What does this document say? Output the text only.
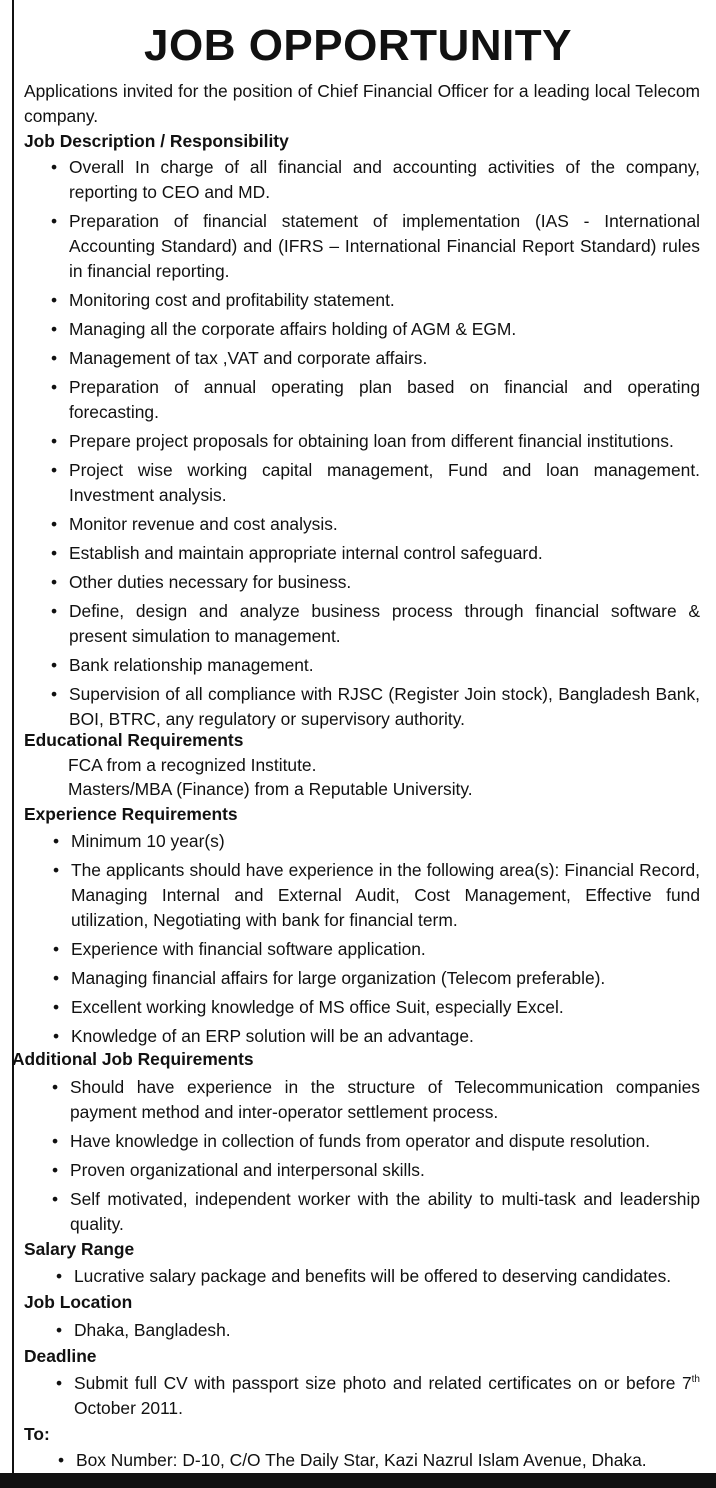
JOB OPPORTUNITY
Applications invited for the position of Chief Financial Officer for a leading local Telecom company.
Job Description / Responsibility
• Overall In charge of all financial and accounting activities of the company, reporting to CEO and MD.
• Preparation of financial statement of implementation (IAS - International Accounting Standard) and (IFRS – International Financial Report Standard) rules in financial reporting.
• Monitoring cost and profitability statement.
• Managing all the corporate affairs holding of AGM & EGM.
• Management of tax ,VAT and corporate affairs.
• Preparation of annual operating plan based on financial and operating forecasting.
• Prepare project proposals for obtaining loan from different financial institutions.
• Project wise working capital management, Fund and loan management. Investment analysis.
• Monitor revenue and cost analysis.
• Establish and maintain appropriate internal control safeguard.
• Other duties necessary for business.
• Define, design and analyze business process through financial software & present simulation to management.
• Bank relationship management.
• Supervision of all compliance with RJSC (Register Join stock), Bangladesh Bank, BOI, BTRC, any regulatory or supervisory authority.
Educational Requirements
FCA from a recognized Institute.
Masters/MBA (Finance) from a Reputable University.
Experience Requirements
• Minimum 10 year(s)
• The applicants should have experience in the following area(s): Financial Record, Managing Internal and External Audit, Cost Management, Effective fund utilization, Negotiating with bank for financial term.
• Experience with financial software application.
• Managing financial affairs for large organization (Telecom preferable).
• Excellent working knowledge of MS office Suit, especially Excel.
• Knowledge of an ERP solution will be an advantage.
Additional Job Requirements
• Should have experience in the structure of Telecommunication companies payment method and inter-operator settlement process.
• Have knowledge in collection of funds from operator and dispute resolution.
• Proven organizational and interpersonal skills.
• Self motivated, independent worker with the ability to multi-task and leadership quality.
Salary Range
• Lucrative salary package and benefits will be offered to deserving candidates.
Job Location
• Dhaka, Bangladesh.
Deadline
• Submit full CV with passport size photo and related certificates on or before 7th October 2011.
To:
• Box Number: D-10, C/O The Daily Star, Kazi Nazrul Islam Avenue, Dhaka.
